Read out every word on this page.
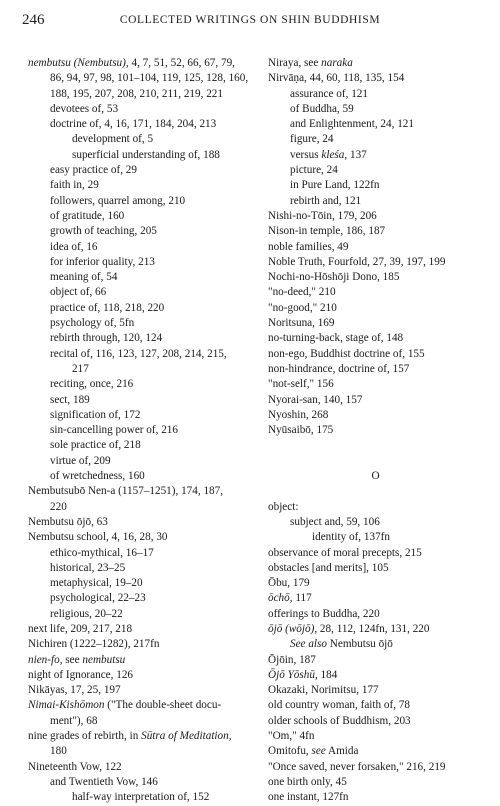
246	COLLECTED WRITINGS ON SHIN BUDDHISM
nembutsu (Nembutsu), 4, 7, 51, 52, 66, 67, 79,
86, 94, 97, 98, 101–104, 119, 125, 128, 160,
188, 195, 207, 208, 210, 211, 219, 221
devotees of, 53
doctrine of, 4, 16, 171, 184, 204, 213
development of, 5
superficial understanding of, 188
easy practice of, 29
faith in, 29
followers, quarrel among, 210
of gratitude, 160
growth of teaching, 205
idea of, 16
for inferior quality, 213
meaning of, 54
object of, 66
practice of, 118, 218, 220
psychology of, 5fn
rebirth through, 120, 124
recital of, 116, 123, 127, 208, 214, 215,
217
reciting, once, 216
sect, 189
signification of, 172
sin-cancelling power of, 216
sole practice of, 218
virtue of, 209
of wretchedness, 160
Nembutsubō Nen-a (1157–1251), 174, 187,
220
Nembutsu ōjō, 63
Nembutsu school, 4, 16, 28, 30
ethico-mythical, 16–17
historical, 23–25
metaphysical, 19–20
psychological, 22–23
religious, 20–22
next life, 209, 217, 218
Nichiren (1222–1282), 217fn
nien-fo, see nembutsu
night of Ignorance, 126
Nikāyas, 17, 25, 197
Nimai-Kishōmon ("The double-sheet docu-
ment"), 68
nine grades of rebirth, in Sūtra of Meditation,
180
Nineteenth Vow, 122
and Twentieth Vow, 146
half-way interpretation of, 152
Niraya, see naraka
Nirvāṇa, 44, 60, 118, 135, 154
assurance of, 121
of Buddha, 59
and Enlightenment, 24, 121
figure, 24
versus kleśa, 137
picture, 24
in Pure Land, 122fn
rebirth and, 121
Nishi-no-Tōin, 179, 206
Nison-in temple, 186, 187
noble families, 49
Noble Truth, Fourfold, 27, 39, 197, 199
Nochi-no-Hōshōji Dono, 185
"no-deed," 210
"no-good," 210
Noritsuna, 169
no-turning-back, stage of, 148
non-ego, Buddhist doctrine of, 155
non-hindrance, doctrine of, 157
"not-self," 156
Nyorai-san, 140, 157
Nyoshin, 268
Nyūsaibō, 175
O
object:
subject and, 59, 106
identity of, 137fn
observance of moral precepts, 215
obstacles [and merits], 105
Ōbu, 179
ōchō, 117
offerings to Buddha, 220
ōjō (wōjō), 28, 112, 124fn, 131, 220
See also Nembutsu ōjō
Ōjōin, 187
Ōjō Yōshū, 184
Okazaki, Norimitsu, 177
old country woman, faith of, 78
older schools of Buddhism, 203
"Om," 4fn
Omitofu, see Amida
"Once saved, never forsaken," 216, 219
one birth only, 45
one instant, 127fn
